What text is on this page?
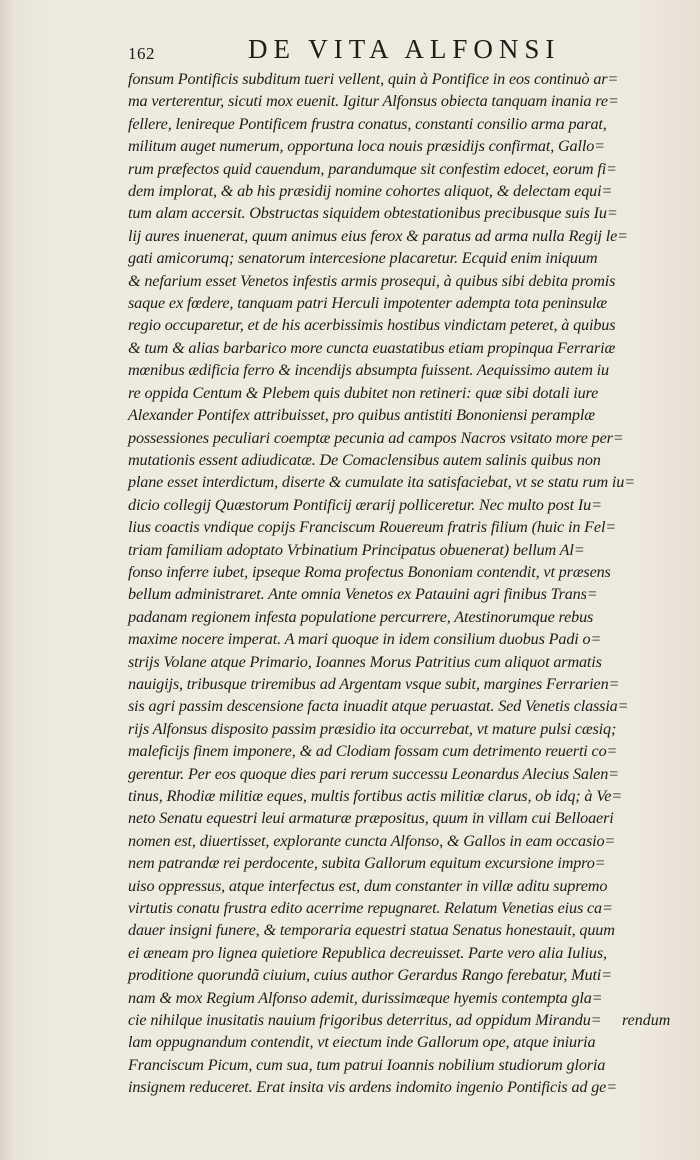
162	DE VITA ALFONSI
fonsum Pontificis subditum tueri vellent, quin à Pontifice in eos continuò ar=
ma verterentur, sicuti mox euenit. Igitur Alfonsus obiecta tanquam inania re=
fellere, lenireque Pontificem frustra conatus, constanti consilio arma parat,
militum auget numerum, opportuna loca nouis præsidijs confirmat, Gallo=
rum præfectos quid cauendum, parandumque sit confestim edocet, eorum fi=
dem implorat, & ab his præsidij nomine cohortes aliquot, & delectam equi=
tum alam accersit. Obstructas siquidem obtestationibus precibusque suis Iu=
lij aures inuenerat, quum animus eius ferox & paratus ad arma nulla Regij le=
gati amicorumq; senatorum intercesione placaretur. Ecquid enim iniquum
& nefarium esset Venetos infestis armis prosequi, à quibus sibi debita promis
saque ex fœdere, tanquam patri Herculi impotenter adempta tota peninsulæ
regio occuparetur, et de his acerbissimis hostibus vindictam peteret, à quibus
& tum & alias barbarico more cuncta euastatibus etiam propinqua Ferrariæ
mœnibus ædificia ferro & incendijs absumpta fuissent. Aequissimo autem iu
re oppida Centum & Plebem quis dubitet non retineri: quæ sibi dotali iure
Alexander Pontifex attribuisset, pro quibus antistiti Bononiensi peramplæ
possessiones peculiari coemptæ pecunia ad campos Nacros vsitato more per=
mutationis essent adiudicatæ. De Comaclensibus autem salinis quibus non
plane esset interdictum, diserte & cumulate ita satisfaciebat, vt se statu rum iu=
dicio collegij Quæstorum Pontificij ærarij polliceretur. Nec multo post Iu=
lius coactis vndique copijs Franciscum Rouereum fratris filium (huic in Fel=
triam familiam adoptato Vrbinatium Principatus obuenerat) bellum Al=
fonso inferre iubet, ipseque Roma profectus Bononiam contendit, vt præsens
bellum administraret. Ante omnia Venetos ex Patauini agri finibus Trans=
padanam regionem infesta populatione percurrere, Atestinorumque rebus
maxime nocere imperat. A mari quoque in idem consilium duobus Padi o=
strijs Volane atque Primario, Ioannes Morus Patritius cum aliquot armatis
nauigijs, tribusque triremibus ad Argentam vsque subit, margines Ferrarien=
sis agri passim descensione facta inuadit atque peruastat. Sed Venetis classia=
rijs Alfonsus disposito passim præsidio ita occurrebat, vt mature pulsi cæsiq;
maleficijs finem imponere, & ad Clodiam fossam cum detrimento reuerti co=
gerentur. Per eos quoque dies pari rerum successu Leonardus Alecius Salen=
tinus, Rhodiæ militiæ eques, multis fortibus actis militiæ clarus, ob idq; à Ve=
neto Senatu equestri leui armaturæ præpositus, quum in villam cui Belloaeri
nomen est, diuertisset, explorante cuncta Alfonso, & Gallos in eam occasio=
nem patrandæ rei perdocente, subita Gallorum equitum excursione impro=
uiso oppressus, atque interfectus est, dum constanter in villæ aditu supremo
virtutis conatu frustra edito acerrime repugnaret. Relatum Venetias eius ca=
dauer insigni funere, & temporaria equestri statua Senatus honestauit, quum
ei æneam pro lignea quietiore Republica decreuisset. Parte vero alia Iulius,
proditione quorundã ciuium, cuius author Gerardus Rango ferebatur, Muti=
nam & mox Regium Alfonso ademit, durissimæque hyemis contempta gla=
cie nihilque inusitatis nauium frigoribus deterritus, ad oppidum Mirandu=
lam oppugnandum contendit, vt eiectum inde Gallorum ope, atque iniuria
Franciscum Picum, cum sua, tum patrui Ioannis nobilium studiorum gloria
insignem reduceret. Erat insita vis ardens indomito ingenio Pontificis ad ge=
rendum
